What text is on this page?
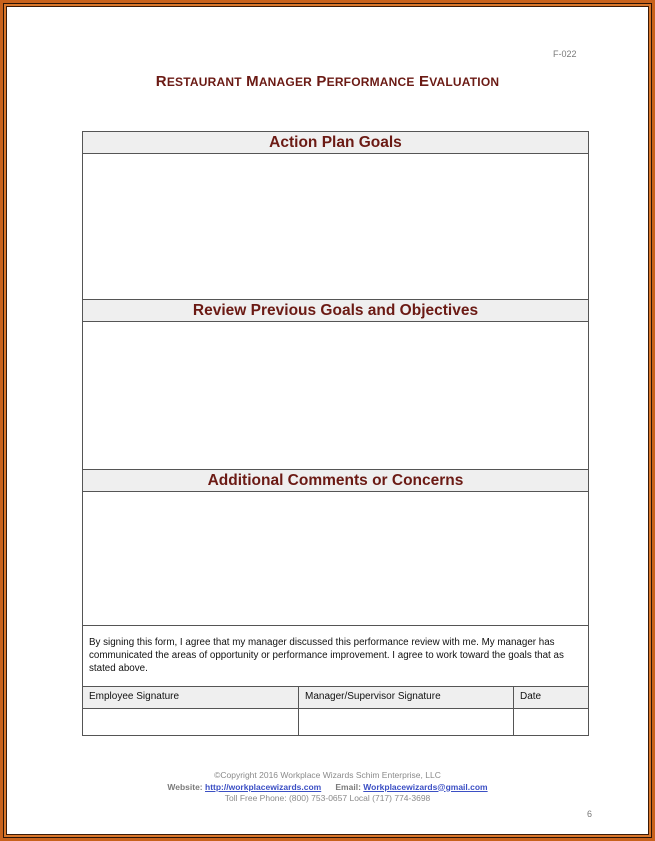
F-022
RESTAURANT MANAGER PERFORMANCE EVALUATION
Action Plan Goals
Review Previous Goals and Objectives
Additional Comments or Concerns
By signing this form, I agree that my manager discussed this performance review with me. My manager has communicated the areas of opportunity or performance improvement. I agree to work toward the goals that as stated above.
Employee Signature	Manager/Supervisor Signature	Date
©Copyright 2016 Workplace Wizards Schim Enterprise, LLC
Website: http://workplacewizards.com Email: Workplacewizards@gmail.com
Toll Free Phone: (800) 753-0657 Local (717) 774-3698
6
